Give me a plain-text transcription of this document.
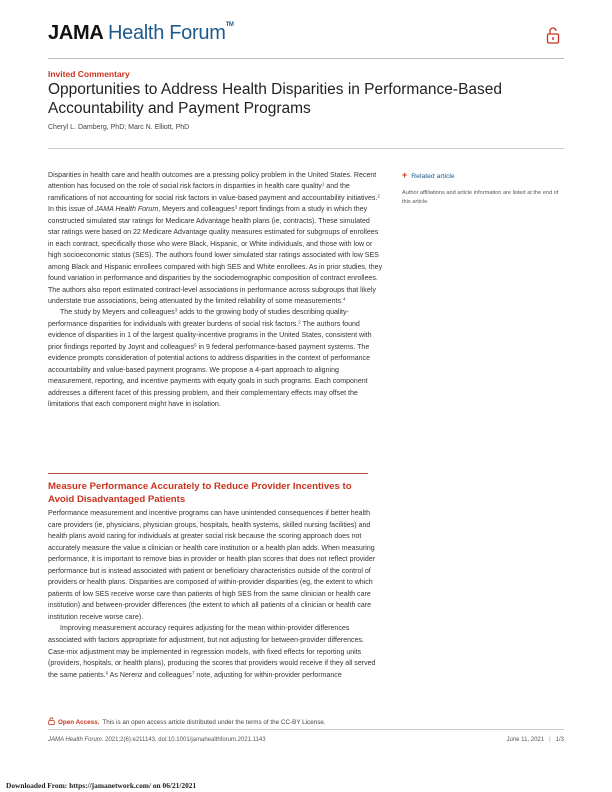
JAMA Health Forum™
Invited Commentary
Opportunities to Address Health Disparities in Performance-Based Accountability and Payment Programs
Cheryl L. Damberg, PhD; Marc N. Elliott, PhD

Disparities in health care and health outcomes are a pressing policy problem in the United States. Recent attention has focused on the role of social risk factors in disparities in health care quality$^1$ and the ramifications of not accounting for social risk factors in value-based payment and accountability initiatives.$^2$ In this issue of JAMA Health Forum, Meyers and colleagues$^3$ report findings from a study in which they constructed simulated star ratings for Medicare Advantage health plans (ie, contracts). These simulated star ratings were based on 22 Medicare Advantage quality measures estimated for subgroups of enrollees in each contract, specifically those who were Black, Hispanic, or White individuals, and those with low or high socioeconomic status (SES). The authors found lower simulated star ratings associated with low SES among Black and Hispanic enrollees compared with high SES and White enrollees. As in prior studies, they found variation in performance and disparities by the sociodemographic composition of contract enrollees. The authors also report estimated contract-level associations in performance across subgroups that likely understate true associations, being attenuated by the limited reliability of some measurements.$^4$

The study by Meyers and colleagues$^3$ adds to the growing body of studies describing quality-performance disparities for individuals with greater burdens of social risk factors.$^2$ The authors found evidence of disparities in 1 of the largest quality-incentive programs in the United States, consistent with prior findings reported by Joynt and colleagues$^5$ in 9 federal performance-based payment systems. The evidence prompts consideration of potential actions to address disparities in the context of performance accountability and value-based payment programs. We propose a 4-part approach to aligning measurement, reporting, and incentive payments with equity goals in such programs. Each component addresses a different facet of this pressing problem, and their complementary effects may offset the limitations that each component might have in isolation.

+ Related article
Author affiliations and article information are listed at the end of this article.
Measure Performance Accurately to Reduce Provider Incentives to Avoid Disadvantaged Patients

Performance measurement and incentive programs can have unintended consequences if better health care providers (ie, physicians, physician groups, hospitals, health systems, skilled nursing facilities) and health plans avoid caring for individuals at greater social risk because the scoring approach does not accurately measure the value a clinician or health care institution or a health plan adds. When measuring performance, it is important to remove bias in provider or health plan scores that does not reflect provider performance but is instead associated with patient or beneficiary characteristics outside of the control of providers or health plans. Disparities are composed of within-provider disparities (eg, the extent to which patients of low SES receive worse care than patients of high SES from the same clinician or health care institution) and between-provider differences (the extent to which all patients of a clinician or health care institution receive worse care).

Improving measurement accuracy requires adjusting for the mean within-provider differences associated with factors appropriate for adjustment, but not adjusting for between-provider differences. Case-mix adjustment may be implemented in regression models, with fixed effects for reporting units (providers, hospitals, or health plans), producing the scores that providers would receive if they all served the same patients.$^6$ As Nerenz and colleagues$^7$ note, adjusting for within-provider performance

Open Access. This is an open access article distributed under the terms of the CC-BY License.
JAMA Health Forum. 2021;2(6):e211143. doi:10.1001/jamahealthforum.2021.1143	June 11, 2021 | 1/3
Downloaded From: https://jamanetwork.com/ on 06/21/2021
